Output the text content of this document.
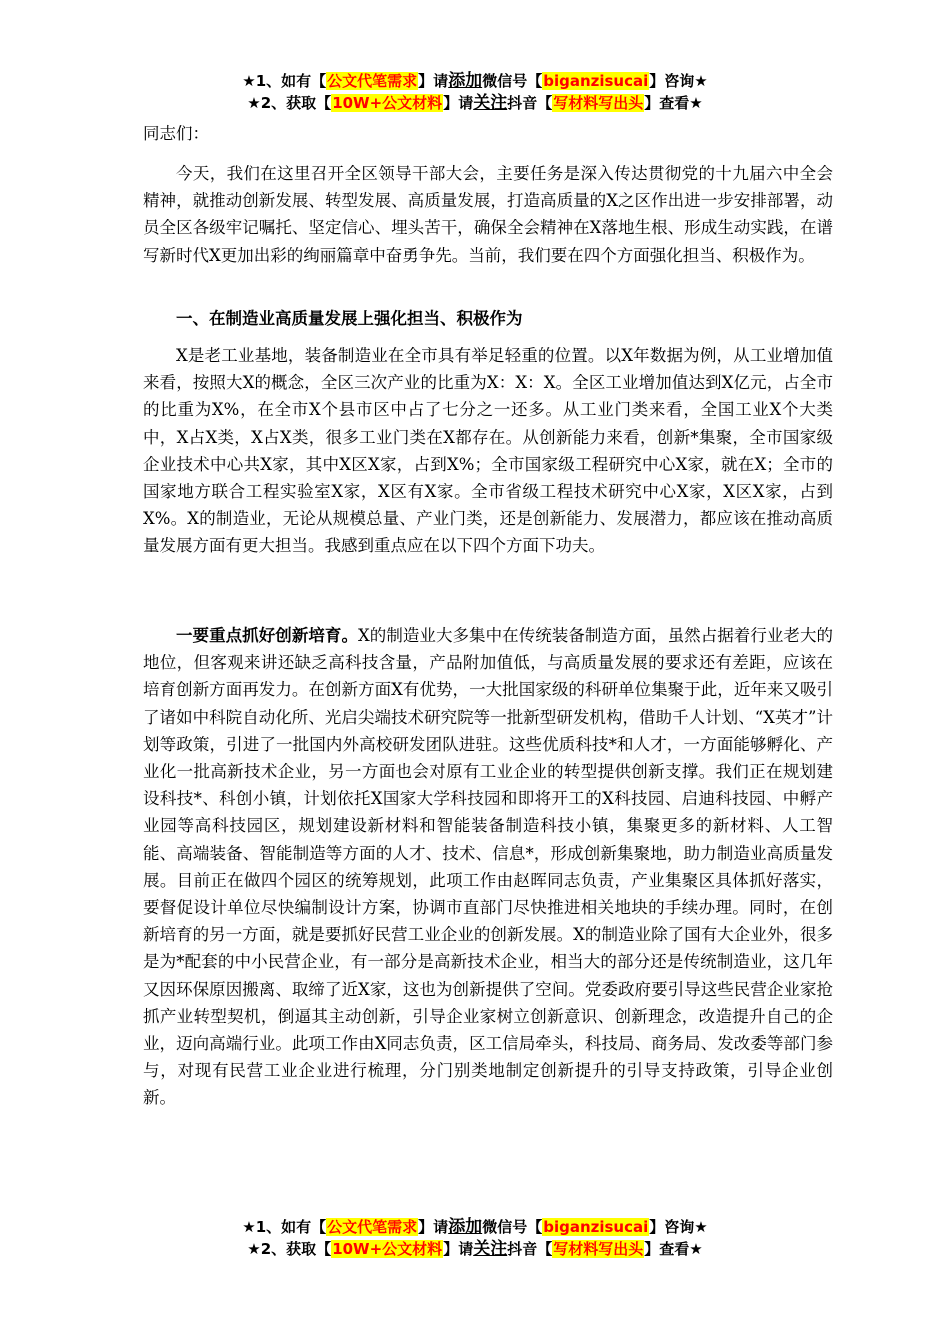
★1、如有【公文代笔需求】请添加微信号【biganzisucai】咨询★
★2、获取【10W+公文材料】请关注抖音【写材料写出头】查看★
同志们：

今天，我们在这里召开全区领导干部大会，主要任务是深入传达贯彻党的十九届六中全会精神，就推动创新发展、转型发展、高质量发展，打造高质量的X之区作出进一步安排部署，动员全区各级牢记嘱托、坚定信心、埋头苦干，确保全会精神在X落地生根、形成生动实践，在谱写新时代X更加出彩的绚丽篇章中奋勇争先。当前，我们要在四个方面强化担当、积极作为。

一、在制造业高质量发展上强化担当、积极作为

X是老工业基地，装备制造业在全市具有举足轻重的位置。以X年数据为例，从工业增加值来看，按照大X的概念，全区三次产业的比重为X：X：X。全区工业增加值达到X亿元，占全市的比重为X%，在全市X个县市区中占了七分之一还多。从工业门类来看，全国工业X个大类中，X占X类，X占X类，很多工业门类在X都存在。从创新能力来看，创新*集聚，全市国家级企业技术中心共X家，其中X区X家，占到X%；全市国家级工程研究中心X家，就在X；全市的国家地方联合工程实验室X家，X区有X家。全市省级工程技术研究中心X家，X区X家，占到X%。X的制造业，无论从规模总量、产业门类，还是创新能力、发展潜力，都应该在推动高质量发展方面有更大担当。我感到重点应在以下四个方面下功夫。

一要重点抓好创新培育。X的制造业大多集中在传统装备制造方面，虽然占据着行业老大的地位，但客观来讲还缺乏高科技含量，产品附加值低，与高质量发展的要求还有差距，应该在培育创新方面再发力。在创新方面X有优势，一大批国家级的科研单位集聚于此，近年来又吸引了诸如中科院自动化所、光启尖端技术研究院等一批新型研发机构，借助千人计划、“X英才”计划等政策，引进了一批国内外高校研发团队进驻。这些优质科技*和人才，一方面能够孵化、产业化一批高新技术企业，另一方面也会对原有工业企业的转型提供创新支撑。我们正在规划建设科技*、科创小镇，计划依托X国家大学科技园和即将开工的X科技园、启迪科技园、中孵产业园等高科技园区，规划建设新材料和智能装备制造科技小镇，集聚更多的新材料、人工智能、高端装备、智能制造等方面的人才、技术、信息*，形成创新集聚地，助力制造业高质量发展。目前正在做四个园区的统筹规划，此项工作由赵晖同志负责，产业集聚区具体抓好落实，要督促设计单位尽快编制设计方案，协调市直部门尽快推进相关地块的手续办理。同时，在创新培育的另一方面，就是要抓好民营工业企业的创新发展。X的制造业除了国有大企业外，很多是为*配套的中小民营企业，有一部分是高新技术企业，相当大的部分还是传统制造业，这几年又因环保原因搬离、取缔了近X家，这也为创新提供了空间。党委政府要引导这些民营企业家抢抓产业转型契机，倒逼其主动创新，引导企业家树立创新意识、创新理念，改造提升自己的企业，迈向高端行业。此项工作由X同志负责，区工信局牵头，科技局、商务局、发改委等部门参与，对现有民营工业企业进行梳理，分门别类地制定创新提升的引导支持政策，引导企业创新。

★1、如有【公文代笔需求】请添加微信号【biganzisucai】咨询★
★2、获取【10W+公文材料】请关注抖音【写材料写出头】查看★
